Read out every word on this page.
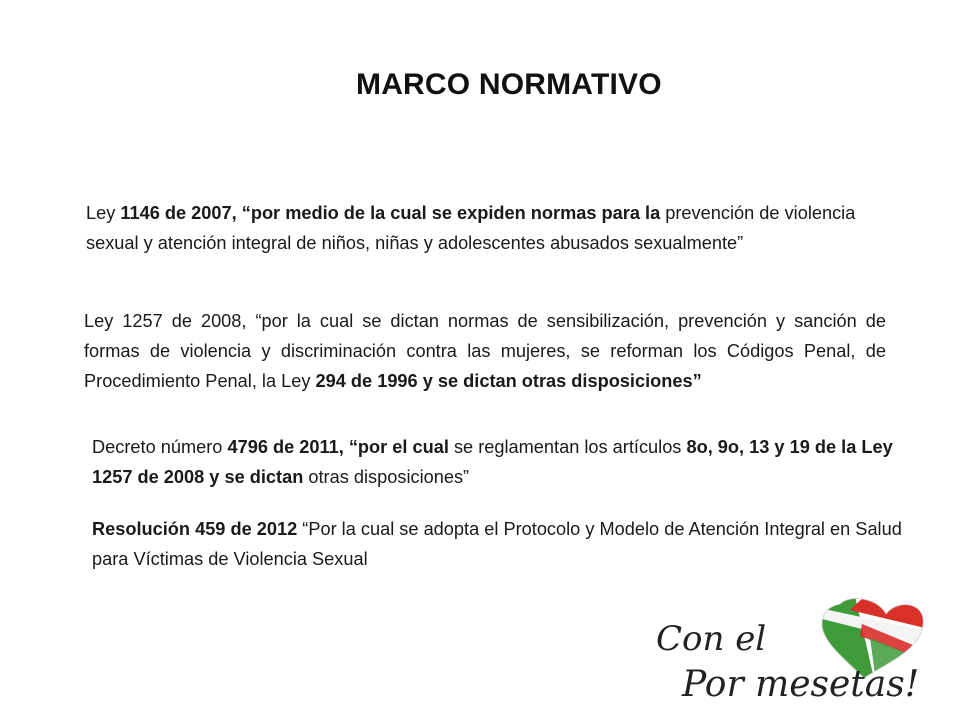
MARCO NORMATIVO
Ley 1146 de 2007, “por medio de la cual se expiden normas para la prevención de violencia sexual y atención integral de niños, niñas y adolescentes abusados sexualmente”
Ley 1257 de 2008, “por la cual se dictan normas de sensibilización, prevención y sanción de formas de violencia y discriminación contra las mujeres, se reforman los Códigos Penal, de Procedimiento Penal, la Ley 294 de 1996 y se dictan otras disposiciones”
Decreto número 4796 de 2011, “por el cual se reglamentan los artículos 8o, 9o, 13 y 19 de la Ley 1257 de 2008 y se dictan otras disposiciones”
Resolución 459 de 2012 “Por la cual se adopta el Protocolo y Modelo de Atención Integral en Salud para Víctimas de Violencia Sexual
Con el
Por mesetas!
